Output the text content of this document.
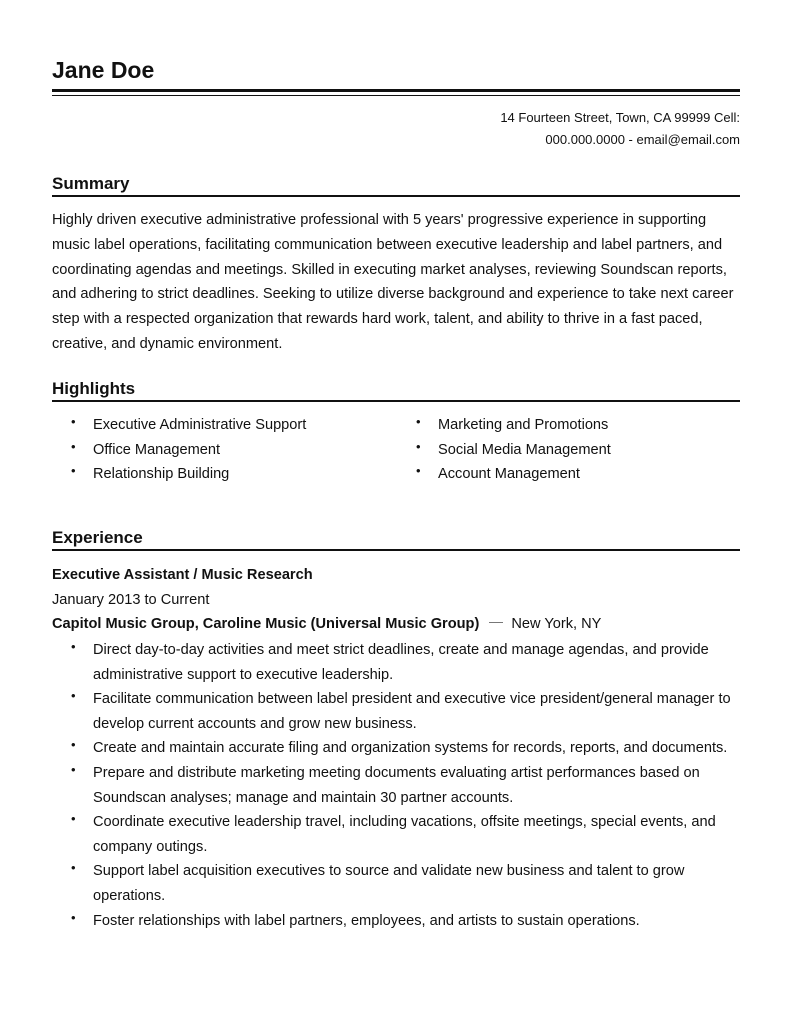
Jane Doe
14 Fourteen Street, Town, CA 99999 Cell:
000.000.0000 - email@email.com
Summary

Highly driven executive administrative professional with 5 years' progressive experience in supporting music label operations, facilitating communication between executive leadership and label partners, and coordinating agendas and meetings. Skilled in executing market analyses, reviewing Soundscan reports, and adhering to strict deadlines. Seeking to utilize diverse background and experience to take next career step with a respected organization that rewards hard work, talent, and ability to thrive in a fast paced, creative, and dynamic environment.

Highlights
• Executive Administrative Support
• Office Management
• Relationship Building
• Marketing and Promotions
• Social Media Management
• Account Management
Experience
Executive Assistant / Music Research
January 2013 to Current
Capitol Music Group, Caroline Music (Universal Music Group) New York, NY
• Direct day-to-day activities and meet strict deadlines, create and manage agendas, and provide administrative support to executive leadership.
• Facilitate communication between label president and executive vice president/general manager to develop current accounts and grow new business.
• Create and maintain accurate filing and organization systems for records, reports, and documents.
• Prepare and distribute marketing meeting documents evaluating artist performances based on Soundscan analyses; manage and maintain 30 partner accounts.
• Coordinate executive leadership travel, including vacations, offsite meetings, special events, and company outings.
• Support label acquisition executives to source and validate new business and talent to grow operations.
• Foster relationships with label partners, employees, and artists to sustain operations.
